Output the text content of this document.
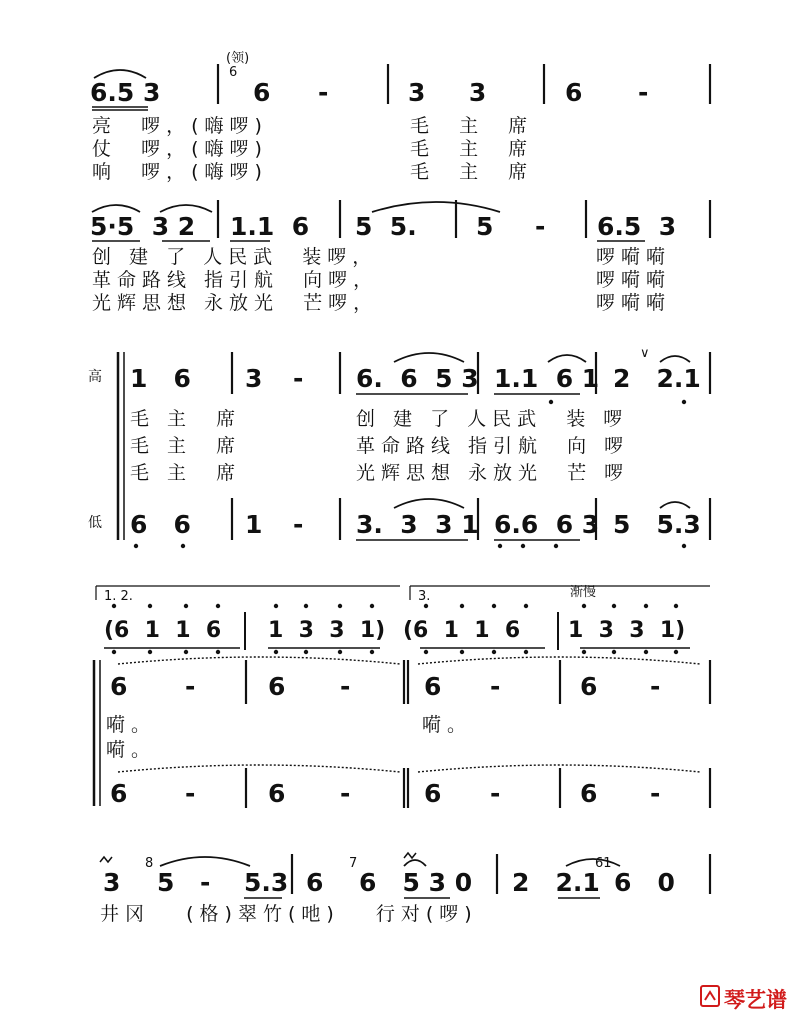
(领)
6.5 3
6
6 -	3     3	6 -
亮  啰，(嗨啰)	毛  主  席
仗  啰，(嗨啰)	毛  主  席
响  啰，(嗨啰)	毛  主  席
5·5  3 2 1.1  6 5  5. 5 - 6.5  3
创 建 了 人民武  装啰，	啰嗬嗬
革命路线 指引航  向啰，	啰嗬嗬
光辉思想 永放光  芒啰，	啰嗬嗬
高
低
1   6 3 - 6.  6  5 3 1.1  6 1 2   2.1
∨
毛 主  席	创 建 了 人民武  装 啰
毛 主  席	革命路线 指引航  向 啰
毛 主  席	光辉思想 永放光  芒 啰
6   6 1 - 3.  3  3 1 6.6  6 3 5   5.3
1. 2.	3.	渐慢
(6  1  1  6 1  3  3  1) (6  1  1  6 1  3  3  1)
6 -	6 -	6 -	6 -
嗬。	嗬。
嗬。
6 -	6 -	6 -	6 -
3
8
5 - 5.3 6
7
6   5 3 0 2   2.1
61
6   0
井冈   (格)翠竹(吔)   行对(啰)
琴艺谱
